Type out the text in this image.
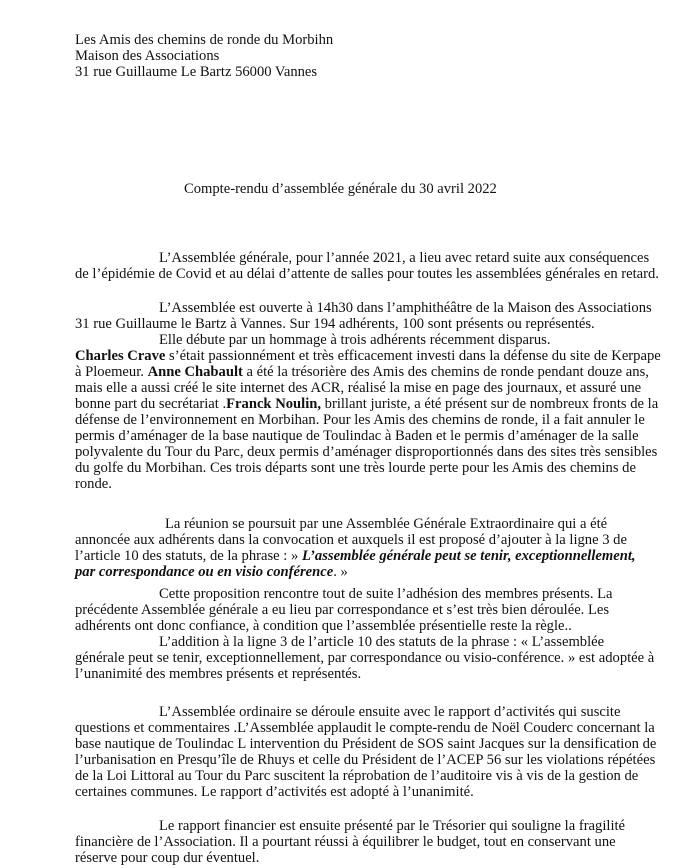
Les Amis des chemins de ronde du Morbihn
Maison des Associations
31 rue Guillaume Le Bartz 56000 Vannes
Compte-rendu d’assemblée générale du 30 avril 2022
L’Assemblée générale, pour l’année 2021, a lieu avec retard suite aux conséquences
de l’épidémie de Covid et au délai d’attente de salles pour toutes les assemblées générales en retard.
L’Assemblée est ouverte à 14h30 dans l’amphithéâtre de la Maison des Associations
31 rue Guillaume le Bartz à Vannes. Sur 194 adhérents, 100 sont présents ou représentés.
Elle débute par un hommage à trois adhérents récemment disparus.
Charles Crave s’était passionnément et très efficacement investi dans la défense du site de Kerpape
à Ploemeur. Anne Chabault a été la trésorière des Amis des chemins de ronde pendant douze ans,
mais elle a aussi créé le site internet des ACR, réalisé la mise en page des journaux, et assuré une
bonne part du secrétariat .Franck Noulin, brillant juriste, a été présent sur de nombreux fronts de la
défense de l’environnement en Morbihan. Pour les Amis des chemins de ronde, il a fait annuler le
permis d’aménager de la base nautique de Toulindac à Baden et le permis d’aménager de la salle
polyvalente du Tour du Parc, deux permis d’aménager disproportionnés dans des sites très sensibles
du golfe du Morbihan. Ces trois départs sont une très lourde perte pour les Amis des chemins de
ronde.
La réunion se poursuit par une Assemblée Générale Extraordinaire qui a été
annoncée aux adhérents dans la convocation et auxquels il est proposé d’ajouter à la ligne 3 de
l’article 10 des statuts, de la phrase : » L’assemblée générale peut se tenir, exceptionnellement,
par correspondance ou en visio conférence. »
Cette proposition rencontre tout de suite l’adhésion des membres présents. La
précédente Assemblée générale a eu lieu par correspondance et s’est très bien déroulée. Les
adhérents ont donc confiance, à condition que l’assemblée présentielle reste la règle..
L’addition à la ligne 3 de l’article 10 des statuts de la phrase : « L’assemblée
générale peut se tenir, exceptionnellement, par correspondance ou visio-conférence. » est adoptée à
l’unanimité des membres présents et représentés.
L’Assemblée ordinaire se déroule ensuite avec le rapport d’activités qui suscite
questions et commentaires .L’Assemblée applaudit le compte-rendu de Noël Couderc concernant la
base nautique de Toulindac L intervention du Président de SOS saint Jacques sur la densification de
l’urbanisation en Presqu’île de Rhuys et celle du Président de l’ACEP 56 sur les violations répétées
de la Loi Littoral au Tour du Parc suscitent la réprobation de l’auditoire vis à vis de la gestion de
certaines communes. Le rapport d’activités est adopté à l’unanimité.
Le rapport financier est ensuite présenté par le Trésorier qui souligne la fragilité
financière de l’Association. Il a pourtant réussi à équilibrer le budget, tout en conservant une
réserve pour coup dur éventuel.
